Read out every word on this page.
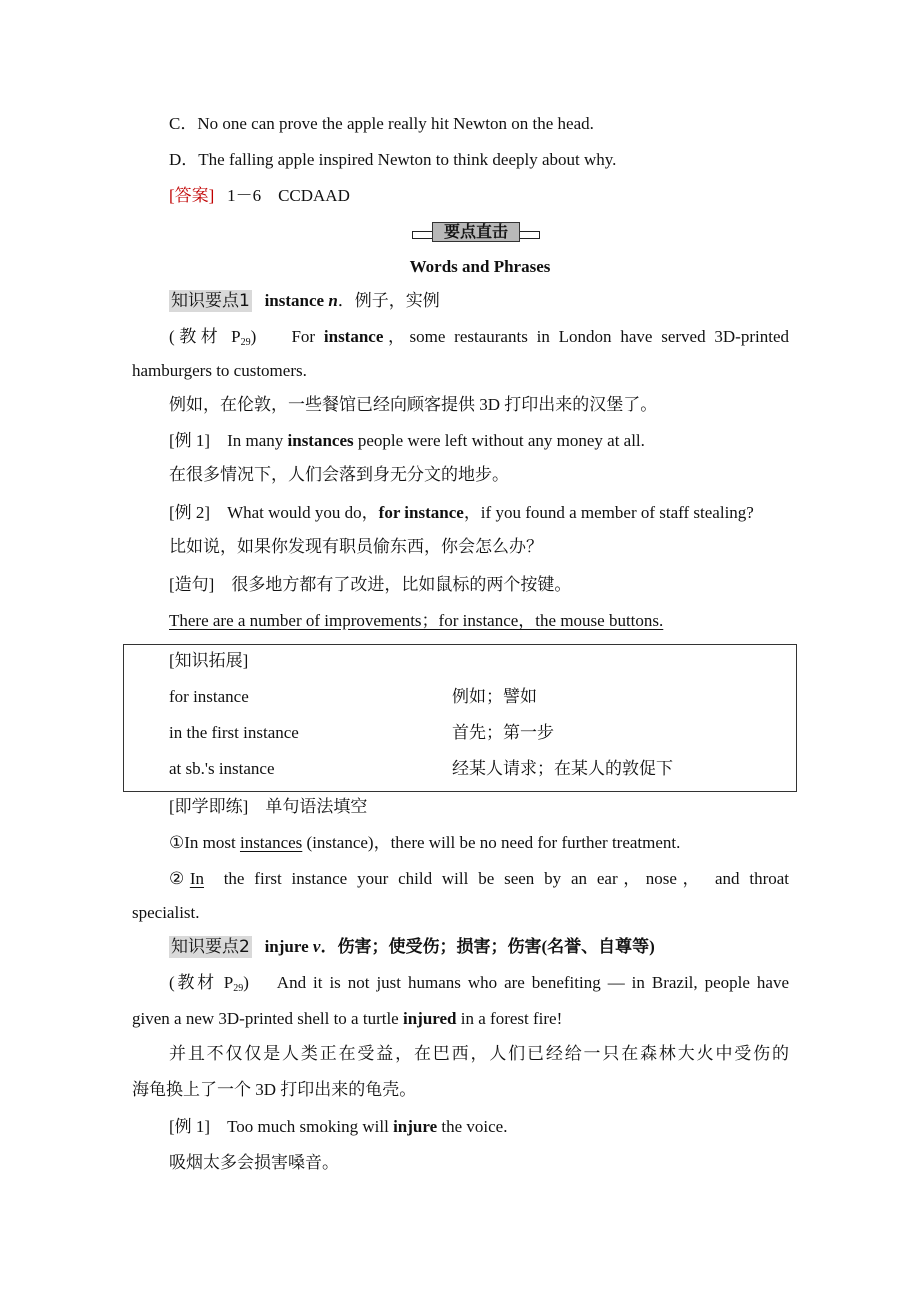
C．No one can prove the apple really hit Newton on the head.
D．The falling apple inspired Newton to think deeply about why.
[答案] 1－6　CCDAAD
要点直击
Words and Phrases
知识要点1 instance n．例子，实例
(教材 $P_{29}$) For instance，some restaurants in London have served 3D-printed
hamburgers to customers.
例如，在伦敦，一些餐馆已经向顾客提供 3D 打印出来的汉堡了。
[例 1] In many instances people were left without any money at all.
在很多情况下，人们会落到身无分文的地步。
[例 2] What would you do，for instance，if you found a member of staff stealing?
比如说，如果你发现有职员偷东西，你会怎么办？
[造句] 很多地方都有了改进，比如鼠标的两个按键。
There are a number of improvements；for instance，the mouse buttons.
[知识拓展]
for instance	例如；譬如
in the first instance	首先；第一步
at sb.'s instance	经某人请求；在某人的敦促下
[即学即练] 单句语法填空
①In most instances (instance)，there will be no need for further treatment.
②In  the first instance your child will be seen by an ear，nose， and throat
specialist.
知识要点2 injure v．伤害；使受伤；损害；伤害(名誉、自尊等)
(教材 $P_{29}$) And it is not just humans who are benefiting — in Brazil, people have
given a new 3D-printed shell to a turtle injured in a forest fire!
并且不仅仅是人类正在受益，在巴西，人们已经给一只在森林大火中受伤的
海龟换上了一个 3D 打印出来的龟壳。
[例 1] Too much smoking will injure the voice.
吸烟太多会损害嗓音。
